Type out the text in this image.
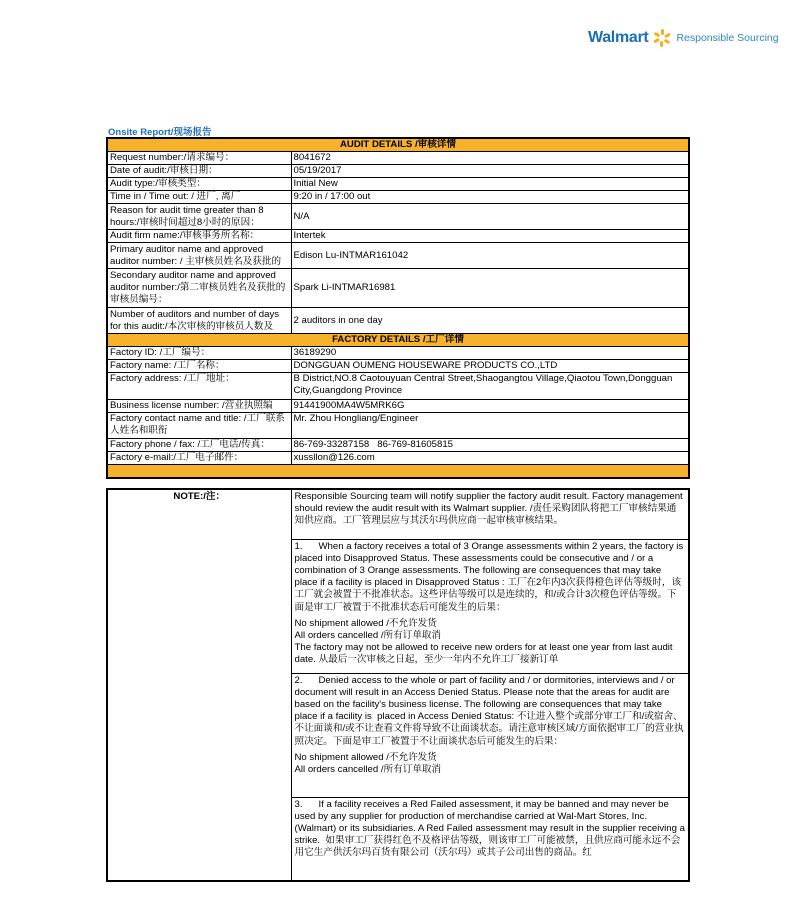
Walmart	Responsible Sourcing
Onsite Report/现场报告
AUDIT DETAILS /审核详情	
Request number:/请求编号：	8041672
Date of audit:/审核日期：	05/19/2017
Audit type:/审核类型：	Initial New
Time in / Time out: / 进厂, 离厂	9:20 in / 17:00 out
Reason for audit time greater than 8 hours:/审核时间超过8小时的原因：	N/A
Audit firm name:/审核事务所名称：	Intertek
Primary auditor name and approved auditor number: / 主审核员姓名及获批的	Edison Lu-INTMAR161042
Secondary auditor name and approved auditor number:/第二审核员姓名及获批的审核员编号：	Spark Li-INTMAR16981
Number of auditors and number of days for this audit:/本次审核的审核员人数及	2 auditors in one day
FACTORY DETAILS /工厂详情	
Factory ID: /工厂编号：	36189290
Factory name: /工厂名称：	DONGGUAN OUMENG HOUSEWARE PRODUCTS CO.,LTD
Factory address: /工厂地址：	B District,NO.8 Caotouyuan Central Street,Shaogangtou Village,Qiaotou Town,Dongguan City,Guangdong Province
Business license number: /营业执照编	91441900MA4W5MRK6G
Factory contact name and title: /工厂联系人姓名和职衔	Mr. Zhou Hongliang/Engineer
Factory phone / fax: /工厂电话/传真：	86-769-33287158   86-769-81605815
Factory e-mail:/工厂电子邮件：	xussllon@126.com

NOTE:/注：	Responsible Sourcing team will notify supplier the factory audit result. Factory management should review the audit result with its Walmart supplier. /责任采购团队将把工厂审核结果通知供应商。工厂管理层应与其沃尔玛供应商一起审核审核结果。

1.      When a factory receives a total of 3 Orange assessments within 2 years, the factory is placed into Disapproved Status. These assessments could be consecutive and / or a combination of 3 Orange assessments. The following are consequences that may take place if a facility is placed in Disapproved Status : 工厂在2年内3次获得橙色评估等级时，该工厂就会被置于不批准状态。这些评估等级可以是连续的，和/或合计3次橙色评估等级。下面是审工厂被置于不批准状态后可能发生的后果：
No shipment allowed /不允许发货
All orders cancelled /所有订单取消
The factory may not be allowed to receive new orders for at least one year from last audit date. 从最后一次审核之日起，至少一年内不允许工厂接新订单

2.      Denied access to the whole or part of facility and / or dormitories, interviews and / or document will result in an Access Denied Status. Please note that the areas for audit are based on the facility's business license. The following are consequences that may take place if a facility is  placed in Access Denied Status: 不让进入整个或部分审工厂和/或宿舍、不让面谈和/或不让查看文件将导致不让面谈状态。请注意审核区域/方面依据审工厂的营业执照决定。下面是审工厂被置于不让面谈状态后可能发生的后果：
No shipment allowed /不允许发货
All orders cancelled /所有订单取消

3.      If a facility receives a Red Failed assessment, it may be banned and may never be used by any supplier for production of merchandise carried at Wal-Mart Stores, Inc. (Walmart) or its subsidiaries. A Red Failed assessment may result in the supplier receiving a strike.  如果审工厂获得红色不及格评估等级，则该审工厂可能被禁，且供应商可能永远不会用它生产供沃尔玛百货有限公司（沃尔玛）或其子公司出售的商品。红
